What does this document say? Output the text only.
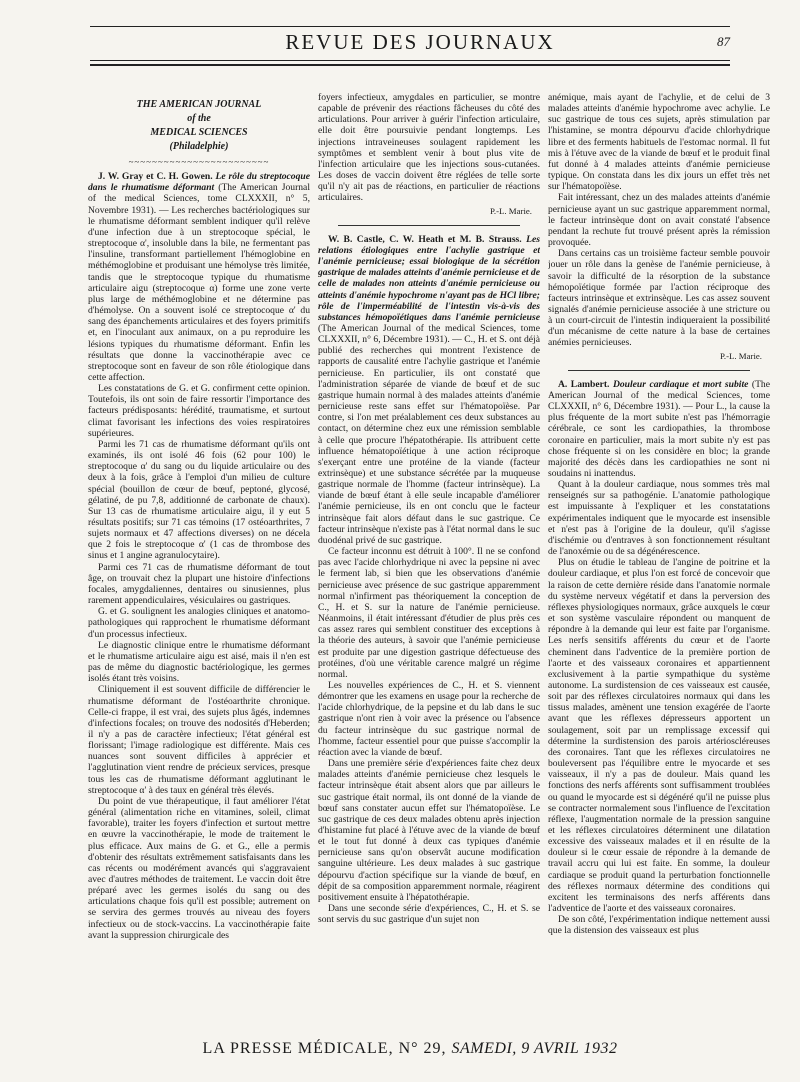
REVUE DES JOURNAUX	87
THE AMERICAN JOURNAL
of the
MEDICAL SCIENCES
(Philadelphie)
~~~~~~~~~~~~~~~~~~~~~~~~

J. W. Gray et C. H. Gowen. Le rôle du streptocoque dans le rhumatisme déformant (The American Journal of the medical Sciences, tome CLXXXII, n° 5, Novembre 1931). — Les recherches bactériologiques sur le rhumatisme déformant semblent indiquer qu'il relève d'une infection due à un streptocoque spécial, le streptocoque α', insoluble dans la bile, ne fermentant pas l'insuline, transformant partiellement l'hémoglobine en méthémoglobine et produisant une hémolyse très limitée, tandis que le streptocoque typique du rhumatisme articulaire aigu (streptocoque α) forme une zone verte plus large de méthémoglobine et ne détermine pas d'hémolyse. On a souvent isolé ce streptocoque α' du sang des épanchements articulaires et des foyers primitifs et, en l'inoculant aux animaux, on a pu reproduire les lésions typiques du rhumatisme déformant. Enfin les résultats que donne la vaccinothérapie avec ce streptocoque sont en faveur de son rôle étiologique dans cette affection.

Les constatations de G. et G. confirment cette opinion. Toutefois, ils ont soin de faire ressortir l'importance des facteurs prédisposants: hérédité, traumatisme, et surtout climat favorisant les infections des voies respiratoires supérieures.

Parmi les 71 cas de rhumatisme déformant qu'ils ont examinés, ils ont isolé 46 fois (62 pour 100) le streptocoque α' du sang ou du liquide articulaire ou des deux à la fois, grâce à l'emploi d'un milieu de culture spécial (bouillon de cœur de bœuf, peptoné, glycosé, gélatiné, de pu 7,8, additionné de carbonate de chaux). Sur 13 cas de rhumatisme articulaire aigu, il y eut 5 résultats positifs; sur 71 cas témoins (17 ostéoarthrites, 7 sujets normaux et 47 affections diverses) on ne décela que 2 fois le streptocoque α' (1 cas de thrombose des sinus et 1 angine agranulocytaire).

Parmi ces 71 cas de rhumatisme déformant de tout âge, on trouvait chez la plupart une histoire d'infections focales, amygdaliennes, dentaires ou sinusiennes, plus rarement appendiculaires, vésiculaires ou gastriques.

G. et G. soulignent les analogies cliniques et anatomo-pathologiques qui rapprochent le rhumatisme déformant d'un processus infectieux.

Le diagnostic clinique entre le rhumatisme déformant et le rhumatisme articulaire aigu est aisé, mais il n'en est pas de même du diagnostic bactériologique, les germes isolés étant très voisins.

Cliniquement il est souvent difficile de différencier le rhumatisme déformant de l'ostéoarthrite chronique. Celle-ci frappe, il est vrai, des sujets plus âgés, indemnes d'infections focales; on trouve des nodosités d'Heberden; il n'y a pas de caractère infectieux; l'état général est florissant; l'image radiologique est différente. Mais ces nuances sont souvent difficiles à apprécier et l'agglutination vient rendre de précieux services, presque tous les cas de rhumatisme déformant agglutinant le streptocoque α' à des taux en général très élevés.

Du point de vue thérapeutique, il faut améliorer l'état général (alimentation riche en vitamines, soleil, climat favorable), traiter les foyers d'infection et surtout mettre en œuvre la vaccinothérapie, le mode de traitement le plus efficace. Aux mains de G. et G., elle a permis d'obtenir des résultats extrêmement satisfaisants dans les cas récents ou modérément avancés qui s'aggravaient avec d'autres méthodes de traitement. Le vaccin doit être préparé avec les germes isolés du sang ou des articulations chaque fois qu'il est possible; autrement on se servira des germes trouvés au niveau des foyers infectieux ou de stock-vaccins. La vaccinothérapie faite avant la suppression chirurgicale des

foyers infectieux, amygdales en particulier, se montre capable de prévenir des réactions fâcheuses du côté des articulations. Pour arriver à guérir l'infection articulaire, elle doit être poursuivie pendant longtemps. Les injections intraveineuses soulagent rapidement les symptômes et semblent venir à bout plus vite de l'infection articulaire que les injections sous-cutanées. Les doses de vaccin doivent être réglées de telle sorte qu'il n'y ait pas de réactions, en particulier de réactions articulaires.

P.-L. Marie.

W. B. Castle, C. W. Heath et M. B. Strauss. Les relations étiologiques entre l'achylie gastrique et l'anémie pernicieuse; essai biologique de la sécrétion gastrique de malades atteints d'anémie pernicieuse et de celle de malades non atteints d'anémie pernicieuse ou atteints d'anémie hypochrome n'ayant pas de HCl libre; rôle de l'imperméabilité de l'intestin vis-à-vis des substances hémopoïétiques dans l'anémie pernicieuse (The American Journal of the medical Sciences, tome CLXXXII, n° 6, Décembre 1931). — C., H. et S. ont déjà publié des recherches qui montrent l'existence de rapports de causalité entre l'achylie gastrique et l'anémie pernicieuse. En particulier, ils ont constaté que l'administration séparée de viande de bœuf et de suc gastrique humain normal à des malades atteints d'anémie pernicieuse reste sans effet sur l'hématopoïèse. Par contre, si l'on met préalablement ces deux substances au contact, on détermine chez eux une rémission semblable à celle que procure l'hépatothérapie. Ils attribuent cette influence hématopoïétique à une action réciproque s'exerçant entre une protéine de la viande (facteur extrinsèque) et une substance sécrétée par la muqueuse gastrique normale de l'homme (facteur intrinsèque). La viande de bœuf étant à elle seule incapable d'améliorer l'anémie pernicieuse, ils en ont conclu que le facteur intrinsèque fait alors défaut dans le suc gastrique. Ce facteur intrinsèque n'existe pas à l'état normal dans le suc duodénal privé de suc gastrique.

Ce facteur inconnu est détruit à 100°. Il ne se confond pas avec l'acide chlorhydrique ni avec la pepsine ni avec le ferment lab, si bien que les observations d'anémie pernicieuse avec présence de suc gastrique apparemment normal n'infirment pas théoriquement la conception de C., H. et S. sur la nature de l'anémie pernicieuse. Néanmoins, il était intéressant d'étudier de plus près ces cas assez rares qui semblent constituer des exceptions à la théorie des auteurs, à savoir que l'anémie pernicieuse est produite par une digestion gastrique défectueuse des protéines, d'où une véritable carence malgré un régime normal.

Les nouvelles expériences de C., H. et S. viennent démontrer que les examens en usage pour la recherche de l'acide chlorhydrique, de la pepsine et du lab dans le suc gastrique n'ont rien à voir avec la présence ou l'absence du facteur intrinsèque du suc gastrique normal de l'homme, facteur essentiel pour que puisse s'accomplir la réaction avec la viande de bœuf.

Dans une première série d'expériences faite chez deux malades atteints d'anémie pernicieuse chez lesquels le facteur intrinsèque était absent alors que par ailleurs le suc gastrique était normal, ils ont donné de la viande de bœuf sans constater aucun effet sur l'hématopoïèse. Le suc gastrique de ces deux malades obtenu après injection d'histamine fut placé à l'étuve avec de la viande de bœuf et le tout fut donné à deux cas typiques d'anémie pernicieuse sans qu'on observât aucune modification sanguine ultérieure. Les deux malades à suc gastrique dépourvu d'action spécifique sur la viande de bœuf, en dépit de sa composition apparemment normale, réagirent positivement ensuite à l'hépatothérapie.

Dans une seconde série d'expériences, C., H. et S. se sont servis du suc gastrique d'un sujet non

anémique, mais ayant de l'achylie, et de celui de 3 malades atteints d'anémie hypochrome avec achylie. Le suc gastrique de tous ces sujets, après stimulation par l'histamine, se montra dépourvu d'acide chlorhydrique libre et des ferments habituels de l'estomac normal. Il fut mis à l'étuve avec de la viande de bœuf et le produit final fut donné à 4 malades atteints d'anémie pernicieuse typique. On constata dans les dix jours un effet très net sur l'hématopoïèse.

Fait intéressant, chez un des malades atteints d'anémie pernicieuse ayant un suc gastrique apparemment normal, le facteur intrinsèque dont on avait constaté l'absence pendant la rechute fut trouvé présent après la rémission provoquée.

Dans certains cas un troisième facteur semble pouvoir jouer un rôle dans la genèse de l'anémie pernicieuse, à savoir la difficulté de la résorption de la substance hémopoïétique formée par l'action réciproque des facteurs intrinsèque et extrinsèque. Les cas assez souvent signalés d'anémie pernicieuse associée à une stricture ou à un court-circuit de l'intestin indiqueraient la possibilité d'un mécanisme de cette nature à la base de certaines anémies pernicieuses.

P.-L. Marie.

A. Lambert. Douleur cardiaque et mort subite (The American Journal of the medical Sciences, tome CLXXXII, n° 6, Décembre 1931). — Pour L., la cause la plus fréquente de la mort subite n'est pas l'hémorragie cérébrale, ce sont les cardiopathies, la thrombose coronaire en particulier, mais la mort subite n'y est pas chose fréquente si on les considère en bloc; la grande majorité des décès dans les cardiopathies ne sont ni soudains ni inattendus.

Quant à la douleur cardiaque, nous sommes très mal renseignés sur sa pathogénie. L'anatomie pathologique est impuissante à l'expliquer et les constatations expérimentales indiquent que le myocarde est insensible et n'est pas à l'origine de la douleur, qu'il s'agisse d'ischémie ou d'entraves à son fonctionnement résultant de l'anoxémie ou de sa dégénérescence.

Plus on étudie le tableau de l'angine de poitrine et la douleur cardiaque, et plus l'on est forcé de concevoir que la raison de cette dernière réside dans l'anatomie normale du système nerveux végétatif et dans la perversion des réflexes physiologiques normaux, grâce auxquels le cœur et son système vasculaire répondent ou manquent de répondre à la demande qui leur est faite par l'organisme. Les nerfs sensitifs afférents du cœur et de l'aorte cheminent dans l'adventice de la première portion de l'aorte et des vaisseaux coronaires et appartiennent exclusivement à la partie sympathique du système autonome. La surdistension de ces vaisseaux est causée, soit par des réflexes circulatoires normaux qui dans les tissus malades, amènent une tension exagérée de l'aorte avant que les réflexes dépresseurs apportent un soulagement, soit par un remplissage excessif qui détermine la surdistension des parois artérioscléreuses des coronaires. Tant que les réflexes circulatoires ne bouleversent pas l'équilibre entre le myocarde et ses vaisseaux, il n'y a pas de douleur. Mais quand les fonctions des nerfs afférents sont suffisamment troublées ou quand le myocarde est si dégénéré qu'il ne puisse plus se contracter normalement sous l'influence de l'excitation réflexe, l'augmentation normale de la pression sanguine et les réflexes circulatoires déterminent une dilatation excessive des vaisseaux malades et il en résulte de la douleur si le cœur essaie de répondre à la demande de travail accru qui lui est faite. En somme, la douleur cardiaque se produit quand la perturbation fonctionnelle des réflexes normaux détermine des conditions qui excitent les terminaisons des nerfs afférents dans l'adventice de l'aorte et des vaisseaux coronaires.

De son côté, l'expérimentation indique nettement aussi que la distension des vaisseaux est plus

LA PRESSE MÉDICALE, N° 29, SAMEDI, 9 AVRIL 1932
